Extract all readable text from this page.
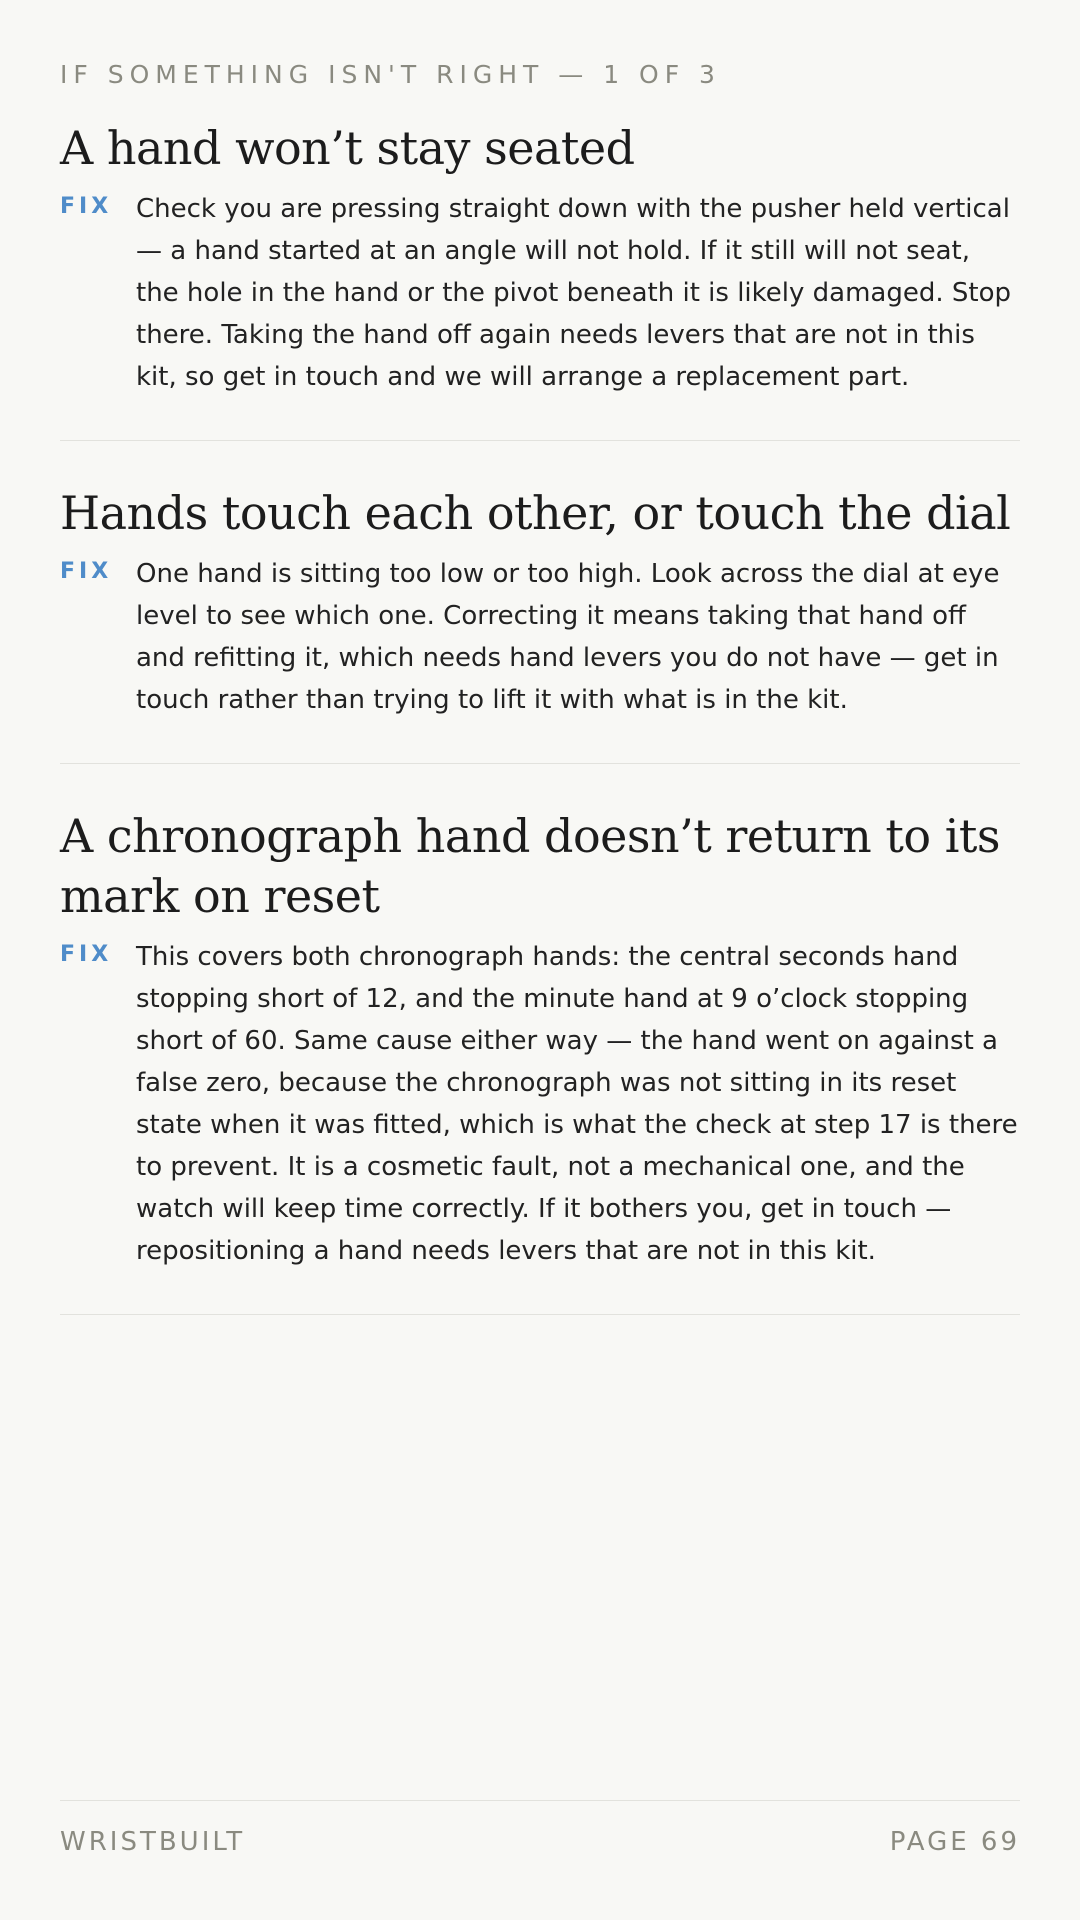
IF SOMETHING ISN'T RIGHT — 1 OF 3
A hand won’t stay seated
FIX Check you are pressing straight down with the pusher held vertical — a hand started at an angle will not hold. If it still will not seat, the hole in the hand or the pivot beneath it is likely damaged. Stop there. Taking the hand off again needs levers that are not in this kit, so get in touch and we will arrange a replacement part.

Hands touch each other, or touch the dial
FIX One hand is sitting too low or too high. Look across the dial at eye level to see which one. Correcting it means taking that hand off and refitting it, which needs hand levers you do not have — get in touch rather than trying to lift it with what is in the kit.

A chronograph hand doesn’t return to its mark on reset
FIX This covers both chronograph hands: the central seconds hand stopping short of 12, and the minute hand at 9 o’clock stopping short of 60. Same cause either way — the hand went on against a false zero, because the chronograph was not sitting in its reset state when it was fitted, which is what the check at step 17 is there to prevent. It is a cosmetic fault, not a mechanical one, and the watch will keep time correctly. If it bothers you, get in touch — repositioning a hand needs levers that are not in this kit.

WRISTBUILT	PAGE 69
